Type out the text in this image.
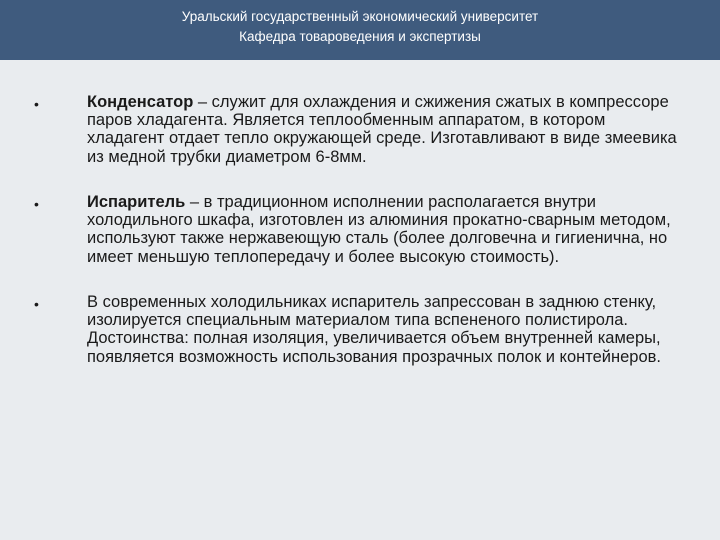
Уральский государственный экономический университет
Кафедра товароведения и экспертизы
•	Конденсатор – служит для охлаждения и сжижения сжатых в компрессоре паров хладагента. Является теплообменным аппаратом, в котором хладагент отдает тепло окружающей среде. Изготавливают в виде змеевика из медной трубки диаметром 6-8мм.
•	Испаритель – в традиционном исполнении располагается внутри холодильного шкафа, изготовлен из алюминия прокатно-сварным методом, используют также нержавеющую сталь (более долговечна и гигиенична, но имеет меньшую теплопередачу и более высокую стоимость).
•	В современных холодильниках испаритель запрессован в заднюю стенку, изолируется специальным материалом типа вспененого полистирола. Достоинства: полная изоляция, увеличивается объем внутренней камеры, появляется возможность использования прозрачных полок и контейнеров.
